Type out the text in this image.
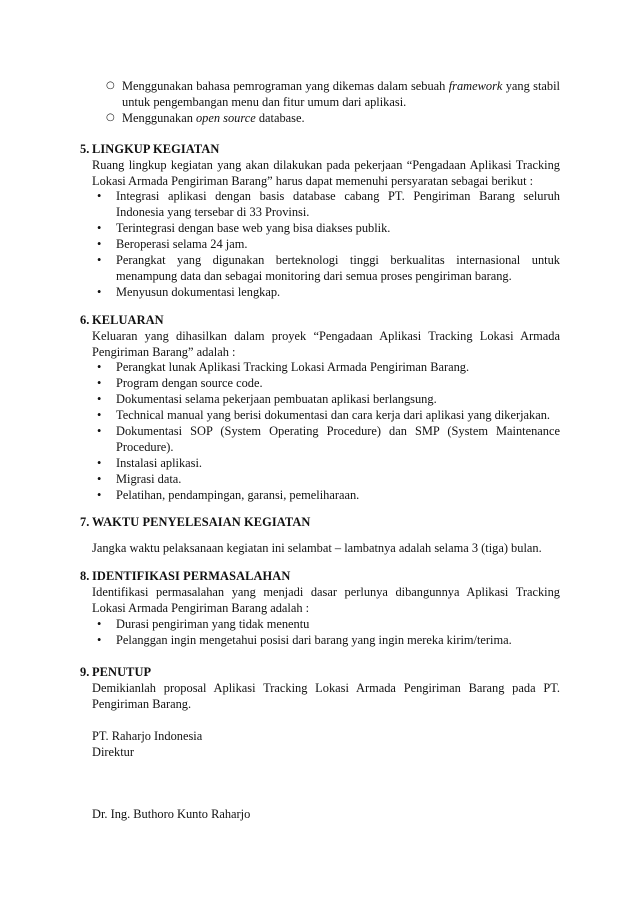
○ Menggunakan bahasa pemrograman yang dikemas dalam sebuah framework yang stabil untuk pengembangan menu dan fitur umum dari aplikasi.
○ Menggunakan open source database.
5. LINGKUP KEGIATAN
Ruang lingkup kegiatan yang akan dilakukan pada pekerjaan “Pengadaan Aplikasi Tracking Lokasi Armada Pengiriman Barang” harus dapat memenuhi persyaratan sebagai berikut :
• Integrasi aplikasi dengan basis database cabang PT. Pengiriman Barang seluruh Indonesia yang tersebar di 33 Provinsi.
• Terintegrasi dengan base web yang bisa diakses publik.
• Beroperasi selama 24 jam.
• Perangkat yang digunakan berteknologi tinggi berkualitas internasional untuk menampung data dan sebagai monitoring dari semua proses pengiriman barang.
• Menyusun dokumentasi lengkap.
6. KELUARAN
Keluaran yang dihasilkan dalam proyek “Pengadaan Aplikasi Tracking Lokasi Armada Pengiriman Barang” adalah :
• Perangkat lunak Aplikasi Tracking Lokasi Armada Pengiriman Barang.
• Program dengan source code.
• Dokumentasi selama pekerjaan pembuatan aplikasi berlangsung.
• Technical manual yang berisi dokumentasi dan cara kerja dari aplikasi yang dikerjakan.
• Dokumentasi SOP (System Operating Procedure) dan SMP (System Maintenance Procedure).
• Instalasi aplikasi.
• Migrasi data.
• Pelatihan, pendampingan, garansi, pemeliharaan.
7. WAKTU PENYELESAIAN KEGIATAN
Jangka waktu pelaksanaan kegiatan ini selambat – lambatnya adalah selama 3 (tiga) bulan.
8. IDENTIFIKASI PERMASALAHAN
Identifikasi permasalahan yang menjadi dasar perlunya dibangunnya Aplikasi Tracking Lokasi Armada Pengiriman Barang adalah :
• Durasi pengiriman yang tidak menentu
• Pelanggan ingin mengetahui posisi dari barang yang ingin mereka kirim/terima.
9. PENUTUP
Demikianlah proposal Aplikasi Tracking Lokasi Armada Pengiriman Barang pada PT. Pengiriman Barang.
PT. Raharjo Indonesia
Direktur
Dr. Ing. Buthoro Kunto Raharjo
